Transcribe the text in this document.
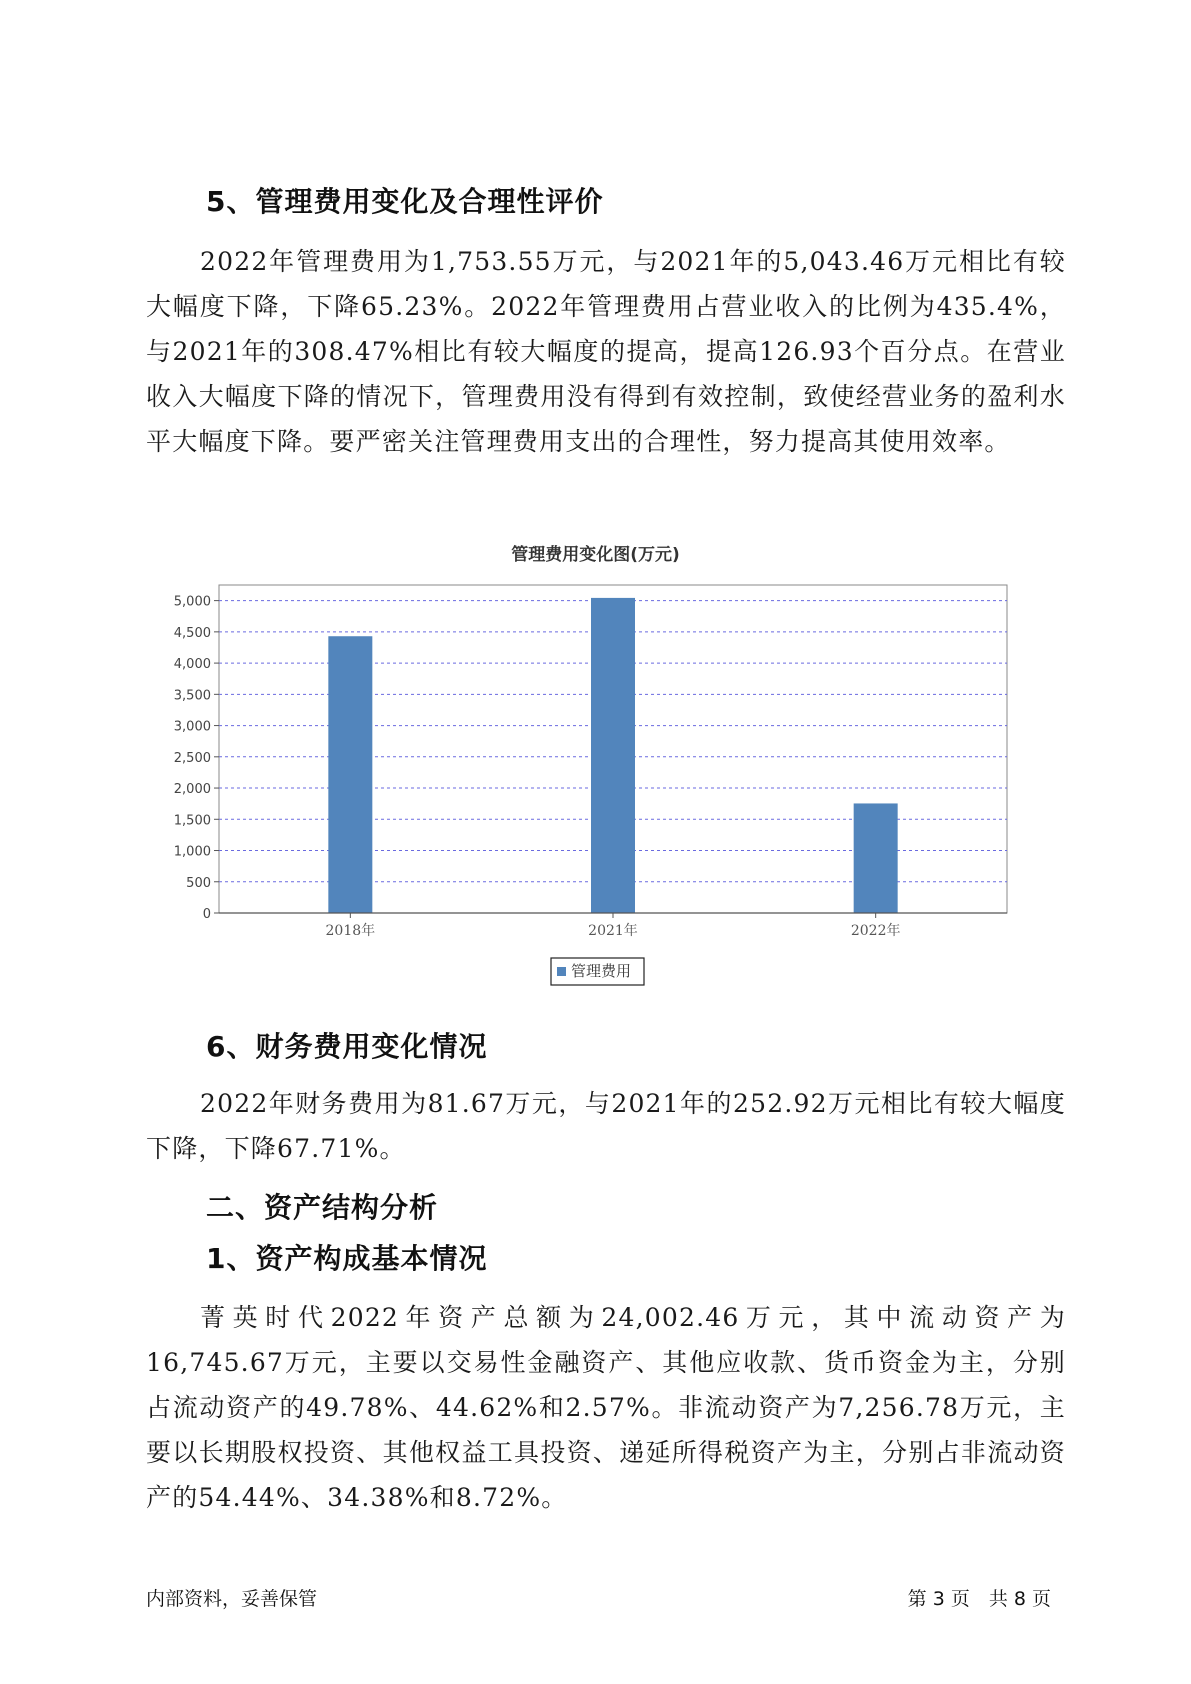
5、管理费用变化及合理性评价

2022年管理费用为1,753.55万元，与2021年的5,043.46万元相比有较大幅度下降，下降65.23%。2022年管理费用占营业收入的比例为435.4%，与2021年的308.47%相比有较大幅度的提高，提高126.93个百分点。在营业收入大幅度下降的情况下，管理费用没有得到有效控制，致使经营业务的盈利水平大幅度下降。要严密关注管理费用支出的合理性，努力提高其使用效率。

管理费用变化图(万元)
0
500
1,000
1,500
2,000
2,500
3,000
3,500
4,000
4,500
5,000
2018年	2021年	2022年
管理费用
6、财务费用变化情况

2022年财务费用为81.67万元，与2021年的252.92万元相比有较大幅度下降，下降67.71%。

二、资产结构分析
1、资产构成基本情况

菁英时代2022年资产总额为24,002.46万元，其中流动资产为16,745.67万元，主要以交易性金融资产、其他应收款、货币资金为主，分别占流动资产的49.78%、44.62%和2.57%。非流动资产为7,256.78万元，主要以长期股权投资、其他权益工具投资、递延所得税资产为主，分别占非流动资产的54.44%、34.38%和8.72%。

内部资料，妥善保管	第 3 页　共 8 页
